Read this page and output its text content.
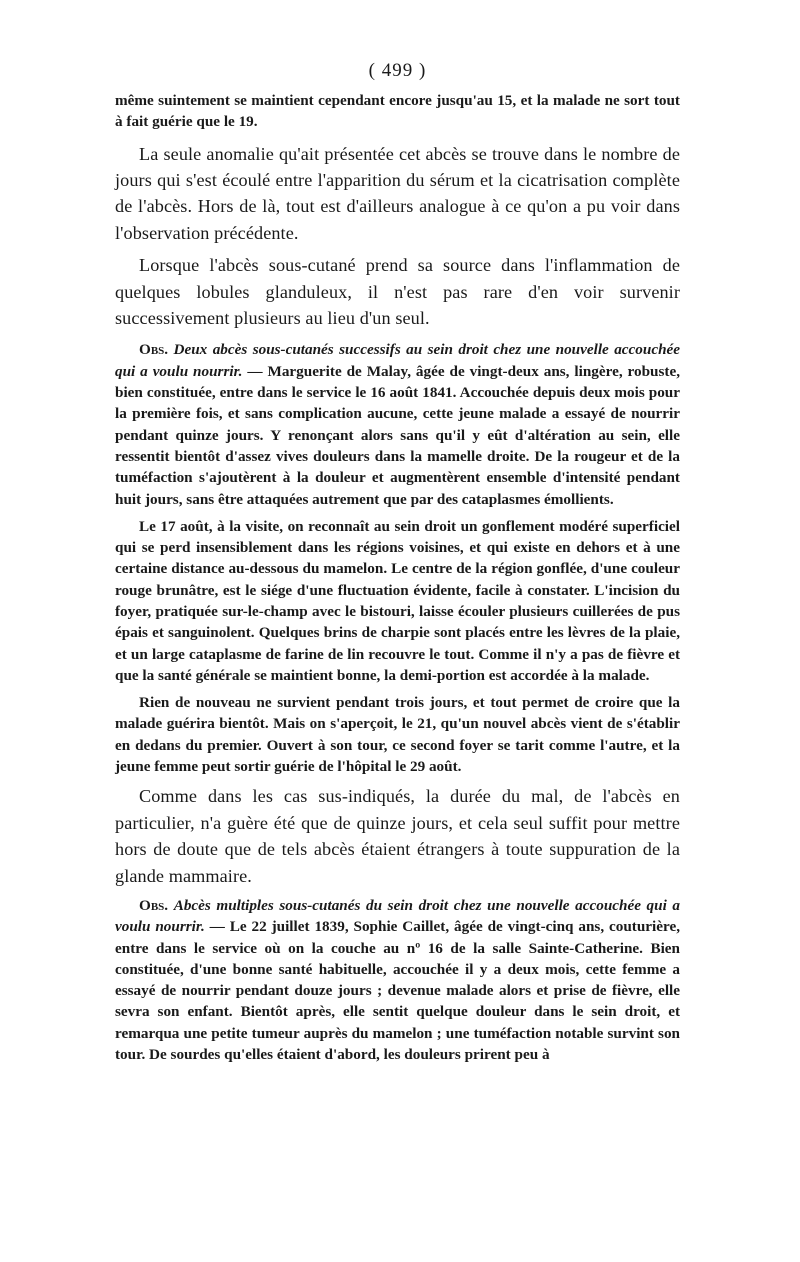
( 499 )

même suintement se maintient cependant encore jusqu'au 15, et la malade ne sort tout à fait guérie que le 19.

La seule anomalie qu'ait présentée cet abcès se trouve dans le nombre de jours qui s'est écoulé entre l'apparition du sérum et la cicatrisation complète de l'abcès. Hors de là, tout est d'ailleurs analogue à ce qu'on a pu voir dans l'observation précédente.

Lorsque l'abcès sous-cutané prend sa source dans l'inflammation de quelques lobules glanduleux, il n'est pas rare d'en voir survenir successivement plusieurs au lieu d'un seul.

Obs. Deux abcès sous-cutanés successifs au sein droit chez une nouvelle accouchée qui a voulu nourrir. — Marguerite de Malay, âgée de vingt-deux ans, lingère, robuste, bien constituée, entre dans le service le 16 août 1841. Accouchée depuis deux mois pour la première fois, et sans complication aucune, cette jeune malade a essayé de nourrir pendant quinze jours. Y renonçant alors sans qu'il y eût d'altération au sein, elle ressentit bientôt d'assez vives douleurs dans la mamelle droite. De la rougeur et de la tuméfaction s'ajoutèrent à la douleur et augmentèrent ensemble d'intensité pendant huit jours, sans être attaquées autrement que par des cataplasmes émollients.

Le 17 août, à la visite, on reconnaît au sein droit un gonflement modéré superficiel qui se perd insensiblement dans les régions voisines, et qui existe en dehors et à une certaine distance au-dessous du mamelon. Le centre de la région gonflée, d'une couleur rouge brunâtre, est le siége d'une fluctuation évidente, facile à constater. L'incision du foyer, pratiquée sur-le-champ avec le bistouri, laisse écouler plusieurs cuillerées de pus épais et sanguinolent. Quelques brins de charpie sont placés entre les lèvres de la plaie, et un large cataplasme de farine de lin recouvre le tout. Comme il n'y a pas de fièvre et que la santé générale se maintient bonne, la demi-portion est accordée à la malade.

Rien de nouveau ne survient pendant trois jours, et tout permet de croire que la malade guérira bientôt. Mais on s'aperçoit, le 21, qu'un nouvel abcès vient de s'établir en dedans du premier. Ouvert à son tour, ce second foyer se tarit comme l'autre, et la jeune femme peut sortir guérie de l'hôpital le 29 août.

Comme dans les cas sus-indiqués, la durée du mal, de l'abcès en particulier, n'a guère été que de quinze jours, et cela seul suffit pour mettre hors de doute que de tels abcès étaient étrangers à toute suppuration de la glande mammaire.

Obs. Abcès multiples sous-cutanés du sein droit chez une nouvelle accouchée qui a voulu nourrir. — Le 22 juillet 1839, Sophie Caillet, âgée de vingt-cinq ans, couturière, entre dans le service où on la couche au nº 16 de la salle Sainte-Catherine. Bien constituée, d'une bonne santé habituelle, accouchée il y a deux mois, cette femme a essayé de nourrir pendant douze jours ; devenue malade alors et prise de fièvre, elle sevra son enfant. Bientôt après, elle sentit quelque douleur dans le sein droit, et remarqua une petite tumeur auprès du mamelon ; une tuméfaction notable survint son tour. De sourdes qu'elles étaient d'abord, les douleurs prirent peu à
